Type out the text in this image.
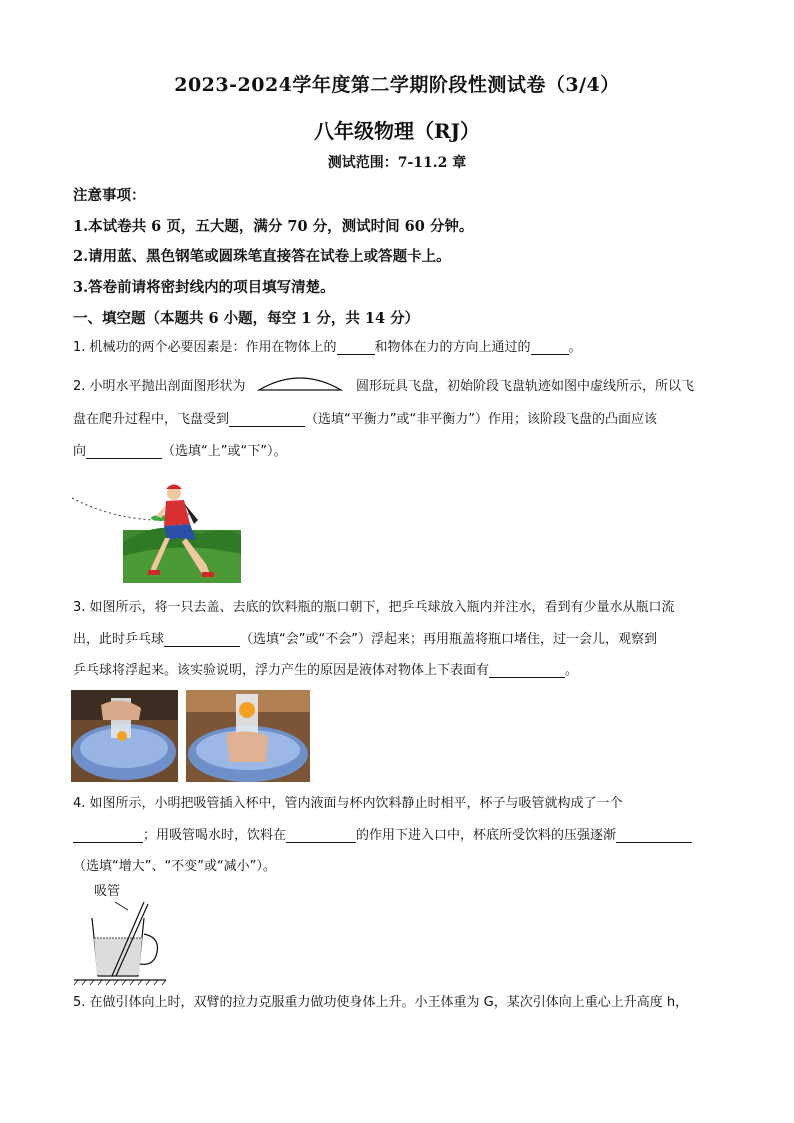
2023-2024学年度第二学期阶段性测试卷（3/4）
八年级物理（RJ）
测试范围：7-11.2 章
注意事项：
1.本试卷共 6 页，五大题，满分 70 分，测试时间 60 分钟。
2.请用蓝、黑色钢笔或圆珠笔直接答在试卷上或答题卡上。
3.答卷前请将密封线内的项目填写清楚。
一、填空题（本题共 6 小题，每空 1 分，共 14 分）
1. 机械功的两个必要因素是：作用在物体上的	和物体在力的方向上通过的	。
2. 小明水平抛出剖面图形状为	圆形玩具飞盘，初始阶段飞盘轨迹如图中虚线所示，所以飞
盘在爬升过程中，飞盘受到	（选填“平衡力”或“非平衡力”）作用；该阶段飞盘的凸面应该
向	（选填“上”或“下”）。
3. 如图所示，将一只去盖、去底的饮料瓶的瓶口朝下，把乒乓球放入瓶内并注水，看到有少量水从瓶口流
出，此时乒乓球	（选填“会”或“不会”）浮起来；再用瓶盖将瓶口堵住，过一会儿，观察到
乒乓球将浮起来。该实验说明，浮力产生的原因是液体对物体上下表面有	。
4. 如图所示，小明把吸管插入杯中，管内液面与杯内饮料静止时相平，杯子与吸管就构成了一个
；用吸管喝水时，饮料在	的作用下进入口中，杯底所受饮料的压强逐渐
（选填“增大”、“不变”或“减小”）。
吸管
5. 在做引体向上时，双臂的拉力克服重力做功使身体上升。小王体重为 G，某次引体向上重心上升高度 h，
